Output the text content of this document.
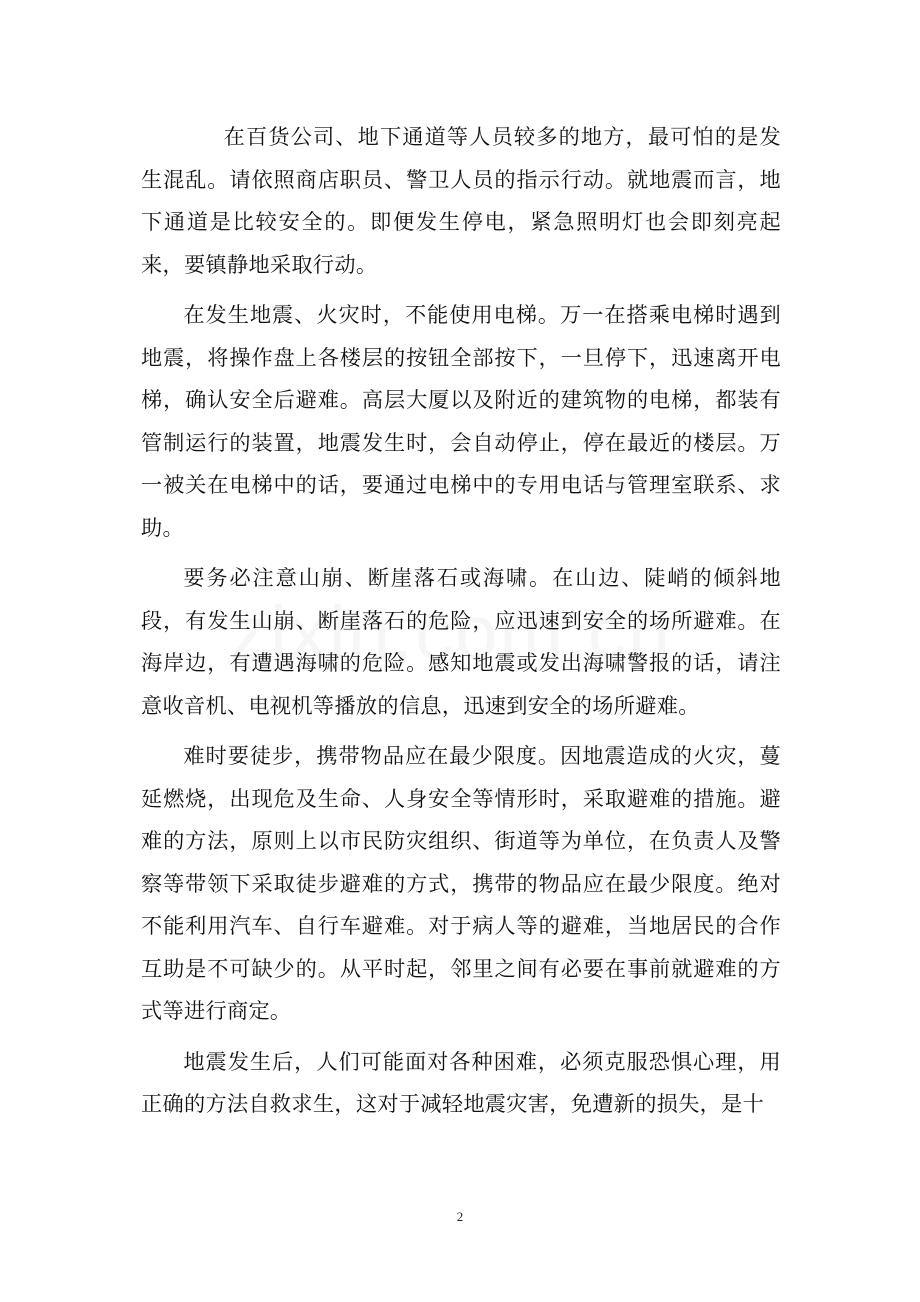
在百货公司、地下通道等人员较多的地方，最可怕的是发生混乱。请依照商店职员、警卫人员的指示行动。就地震而言，地下通道是比较安全的。即便发生停电，紧急照明灯也会即刻亮起来，要镇静地采取行动。

在发生地震、火灾时，不能使用电梯。万一在搭乘电梯时遇到地震，将操作盘上各楼层的按钮全部按下，一旦停下，迅速离开电梯，确认安全后避难。高层大厦以及附近的建筑物的电梯，都装有管制运行的装置，地震发生时，会自动停止，停在最近的楼层。万一被关在电梯中的话，要通过电梯中的专用电话与管理室联系、求助。

要务必注意山崩、断崖落石或海啸。在山边、陡峭的倾斜地段，有发生山崩、断崖落石的危险，应迅速到安全的场所避难。在海岸边，有遭遇海啸的危险。感知地震或发出海啸警报的话，请注意收音机、电视机等播放的信息，迅速到安全的场所避难。

难时要徒步，携带物品应在最少限度。因地震造成的火灾，蔓延燃烧，出现危及生命、人身安全等情形时，采取避难的措施。避难的方法，原则上以市民防灾组织、街道等为单位，在负责人及警察等带领下采取徒步避难的方式，携带的物品应在最少限度。绝对不能利用汽车、自行车避难。对于病人等的避难，当地居民的合作互助是不可缺少的。从平时起，邻里之间有必要在事前就避难的方式等进行商定。

地震发生后，人们可能面对各种困难，必须克服恐惧心理，用正确的方法自救求生，这对于减轻地震灾害，免遭新的损失，是十

2
